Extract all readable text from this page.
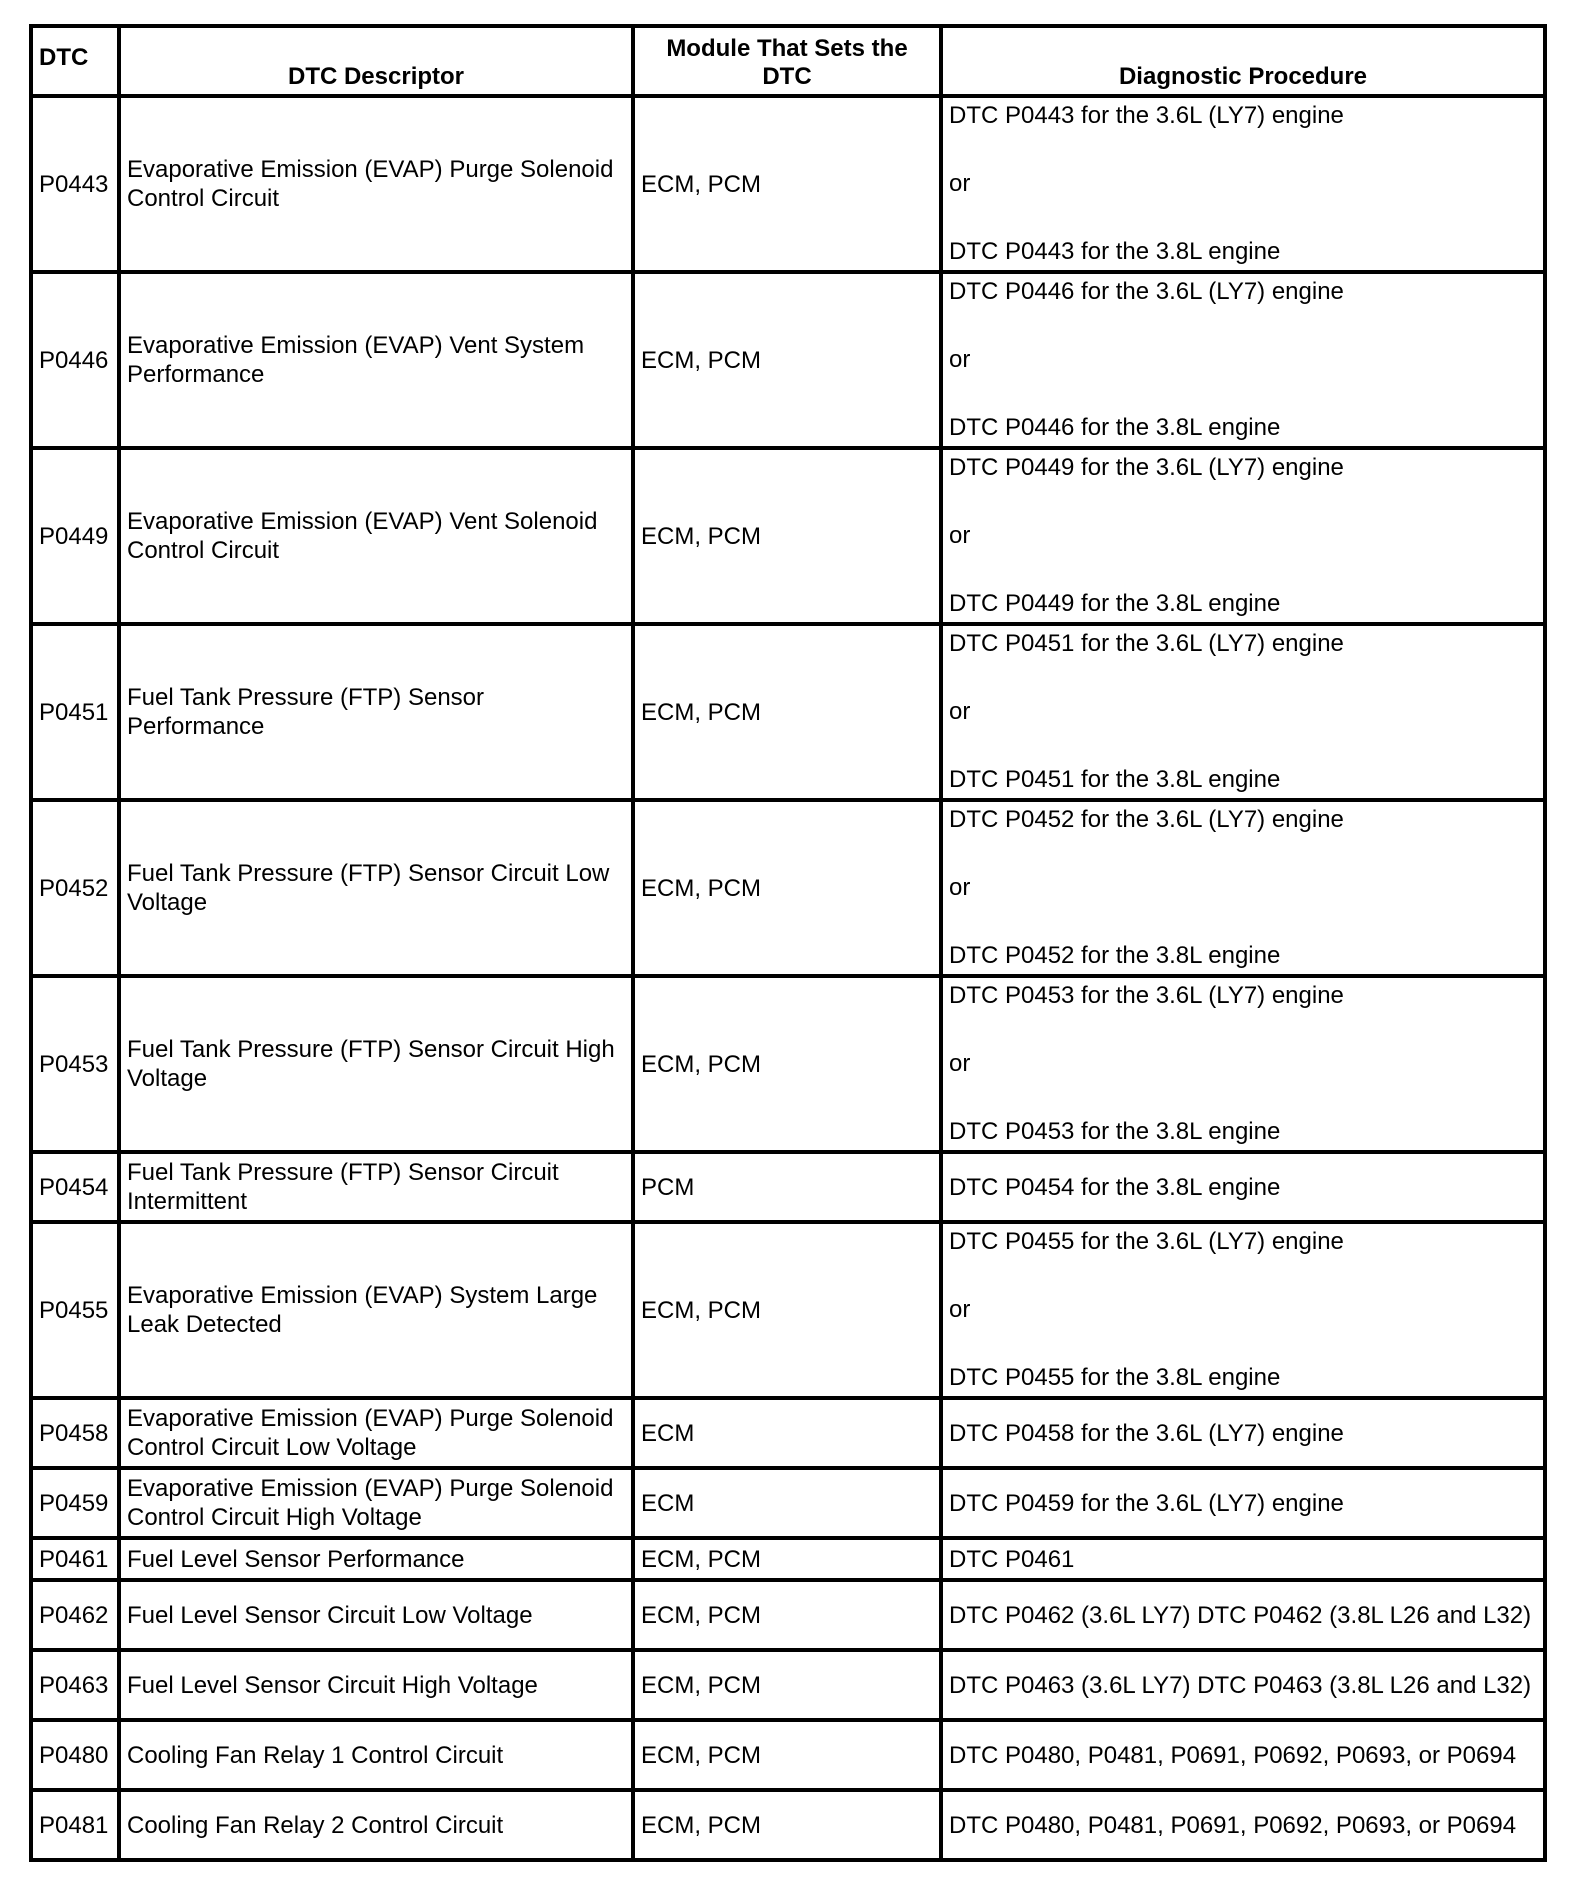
DTC	DTC Descriptor	Module That Sets the DTC	Diagnostic Procedure
P0443	Evaporative Emission (EVAP) Purge Solenoid Control Circuit	ECM, PCM	DTC P0443 for the 3.6L (LY7) engine
or
DTC P0443 for the 3.8L engine

P0446	Evaporative Emission (EVAP) Vent System Performance	ECM, PCM	DTC P0446 for the 3.6L (LY7) engine
or
DTC P0446 for the 3.8L engine

P0449	Evaporative Emission (EVAP) Vent Solenoid Control Circuit	ECM, PCM	DTC P0449 for the 3.6L (LY7) engine
or
DTC P0449 for the 3.8L engine

P0451	Fuel Tank Pressure (FTP) Sensor Performance	ECM, PCM	DTC P0451 for the 3.6L (LY7) engine
or
DTC P0451 for the 3.8L engine

P0452	Fuel Tank Pressure (FTP) Sensor Circuit Low Voltage	ECM, PCM	DTC P0452 for the 3.6L (LY7) engine
or
DTC P0452 for the 3.8L engine

P0453	Fuel Tank Pressure (FTP) Sensor Circuit High Voltage	ECM, PCM	DTC P0453 for the 3.6L (LY7) engine
or
DTC P0453 for the 3.8L engine

P0454	Fuel Tank Pressure (FTP) Sensor Circuit Intermittent	PCM	DTC P0454 for the 3.8L engine
P0455	Evaporative Emission (EVAP) System Large Leak Detected	ECM, PCM	DTC P0455 for the 3.6L (LY7) engine
or
DTC P0455 for the 3.8L engine

P0458	Evaporative Emission (EVAP) Purge Solenoid Control Circuit Low Voltage	ECM	DTC P0458 for the 3.6L (LY7) engine
P0459	Evaporative Emission (EVAP) Purge Solenoid Control Circuit High Voltage	ECM	DTC P0459 for the 3.6L (LY7) engine
P0461	Fuel Level Sensor Performance	ECM, PCM	DTC P0461
P0462	Fuel Level Sensor Circuit Low Voltage	ECM, PCM	DTC P0462 (3.6L LY7) DTC P0462 (3.8L L26 and L32)
P0463	Fuel Level Sensor Circuit High Voltage	ECM, PCM	DTC P0463 (3.6L LY7) DTC P0463 (3.8L L26 and L32)
P0480	Cooling Fan Relay 1 Control Circuit	ECM, PCM	DTC P0480, P0481, P0691, P0692, P0693, or P0694
P0481	Cooling Fan Relay 2 Control Circuit	ECM, PCM	DTC P0480, P0481, P0691, P0692, P0693, or P0694
